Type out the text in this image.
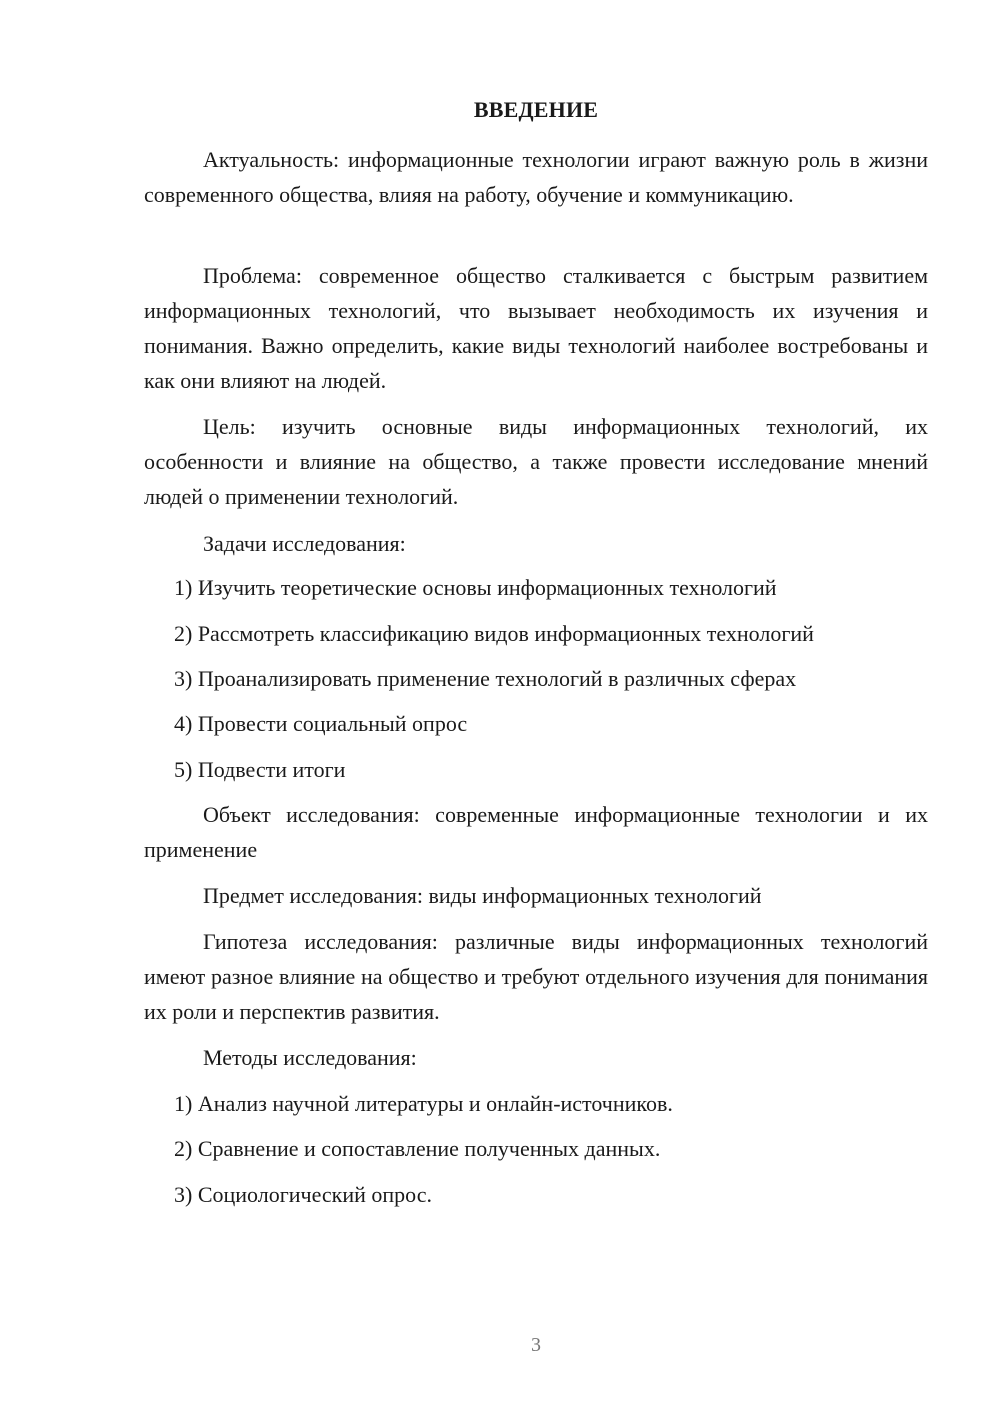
ВВЕДЕНИЕ

Актуальность: информационные технологии играют важную роль в жизни современного общества, влияя на работу, обучение и коммуникацию.

Проблема: современное общество сталкивается с быстрым развитием информационных технологий, что вызывает необходимость их изучения и понимания. Важно определить, какие виды технологий наиболее востребованы и как они влияют на людей.

Цель: изучить основные виды информационных технологий, их особенности и влияние на общество, а также провести исследование мнений людей о применении технологий.

Задачи исследования:

1) Изучить теоретические основы информационных технологий
2) Рассмотреть классификацию видов информационных технологий
3) Проанализировать применение технологий в различных сферах
4) Провести социальный опрос
5) Подвести итоги

Объект исследования: современные информационные технологии и их применение

Предмет исследования: виды информационных технологий

Гипотеза исследования: различные виды информационных технологий имеют разное влияние на общество и требуют отдельного изучения для понимания их роли и перспектив развития.

Методы исследования:

1) Анализ научной литературы и онлайн-источников.
2) Сравнение и сопоставление полученных данных.
3) Социологический опрос.
3
